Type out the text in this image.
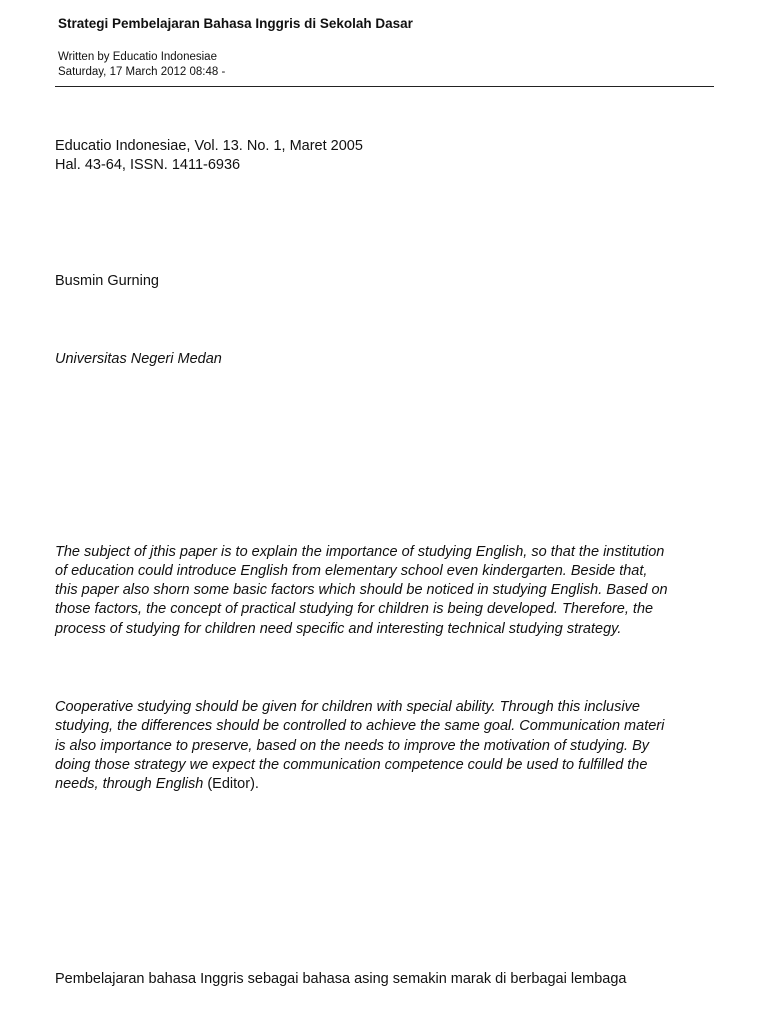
Strategi Pembelajaran Bahasa Inggris di Sekolah Dasar
Written by Educatio Indonesiae
Saturday, 17 March 2012 08:48 -
Educatio Indonesiae, Vol. 13. No. 1, Maret 2005
Hal. 43-64, ISSN. 1411-6936
Busmin Gurning
Universitas Negeri Medan
The subject of jthis paper is to explain the importance of studying English, so that the institution
of education could introduce English from elementary school even kindergarten. Beside that,
this paper also shorn some basic factors which should be noticed in studying English. Based on
those factors, the concept of practical studying for children is being developed. Therefore, the
process of studying for children need specific and interesting technical studying strategy.
Cooperative studying should be given for children with special ability. Through this inclusive
studying, the differences should be controlled to achieve the same goal. Communication materi
is also importance to preserve, based on the needs to improve the motivation of studying. By
doing those strategy we expect the communication competence could be used to fulfilled the
needs, through English (Editor).
Pembelajaran bahasa Inggris sebagai bahasa asing semakin marak di berbagai lembaga
